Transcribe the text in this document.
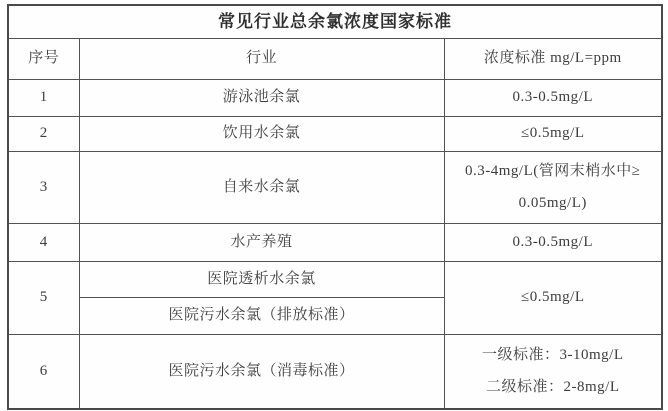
常见行业总余氯浓度国家标准		
序号	行业	浓度标准 mg/L=ppm
1	游泳池余氯	0.3-0.5mg/L
2	饮用水余氯	≤0.5mg/L
3	自来水余氯	0.3-4mg/L(管网末梢水中≥
0.05mg/L)

4	水产养殖	0.3-0.5mg/L
5	医院透析水余氯	≤0.5mg/L
	医院污水余氯（排放标准）	
6	医院污水余氯（消毒标准）	一级标准：3-10mg/L
二级标准：2-8mg/L
